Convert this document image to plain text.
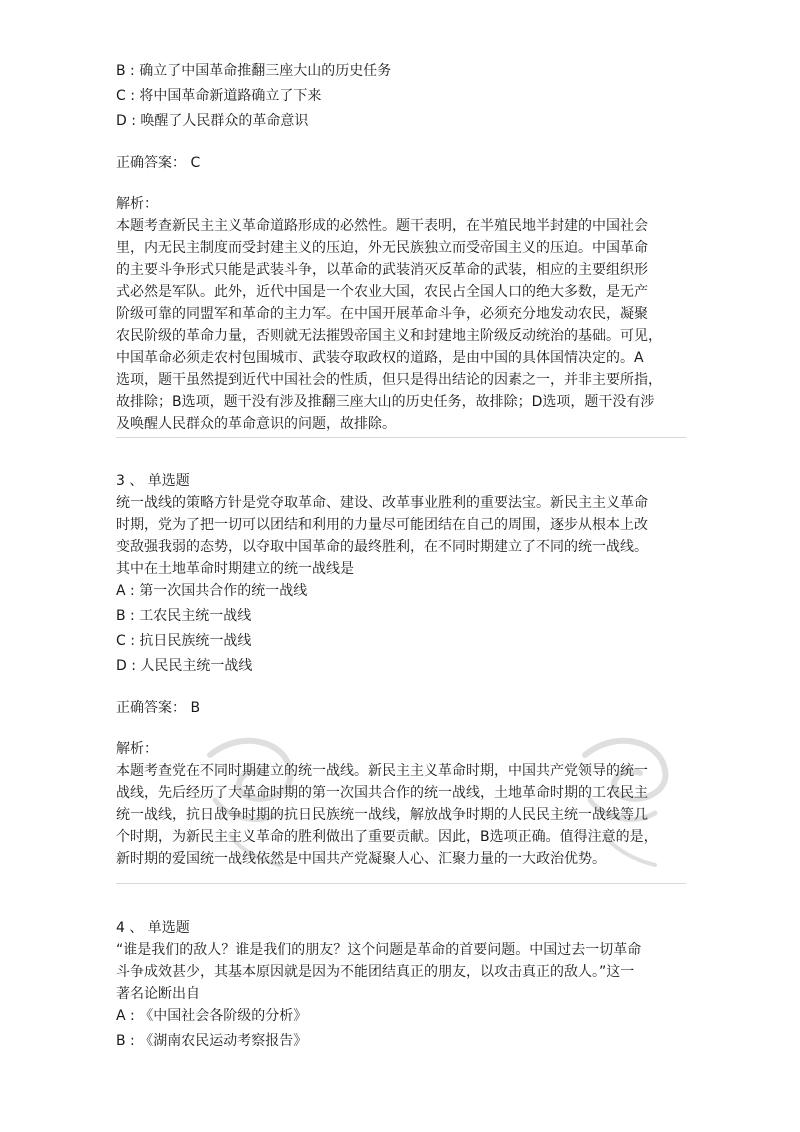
B : 确立了中国革命推翻三座大山的历史任务
C : 将中国革命新道路确立了下来
D : 唤醒了人民群众的革命意识
正确答案： C
解析：
本题考查新民主主义革命道路形成的必然性。题干表明，在半殖民地半封建的中国社会
里，内无民主制度而受封建主义的压迫，外无民族独立而受帝国主义的压迫。中国革命
的主要斗争形式只能是武装斗争，以革命的武装消灭反革命的武装，相应的主要组织形
式必然是军队。此外，近代中国是一个农业大国，农民占全国人口的绝大多数，是无产
阶级可靠的同盟军和革命的主力军。在中国开展革命斗争，必须充分地发动农民，凝聚
农民阶级的革命力量，否则就无法摧毁帝国主义和封建地主阶级反动统治的基础。可见，
中国革命必须走农村包围城市、武装夺取政权的道路，是由中国的具体国情决定的。A
选项，题干虽然提到近代中国社会的性质，但只是得出结论的因素之一，并非主要所指，
故排除；B选项，题干没有涉及推翻三座大山的历史任务，故排除；D选项，题干没有涉
及唤醒人民群众的革命意识的问题，故排除。
3 、 单选题
统一战线的策略方针是党夺取革命、建设、改革事业胜利的重要法宝。新民主主义革命
时期，党为了把一切可以团结和利用的力量尽可能团结在自己的周围，逐步从根本上改
变敌强我弱的态势，以夺取中国革命的最终胜利，在不同时期建立了不同的统一战线。
其中在土地革命时期建立的统一战线是
A : 第一次国共合作的统一战线
B : 工农民主统一战线
C : 抗日民族统一战线
D : 人民民主统一战线
正确答案： B
解析：
本题考查党在不同时期建立的统一战线。新民主主义革命时期，中国共产党领导的统一
战线，先后经历了大革命时期的第一次国共合作的统一战线，土地革命时期的工农民主
统一战线，抗日战争时期的抗日民族统一战线，解放战争时期的人民民主统一战线等几
个时期，为新民主主义革命的胜利做出了重要贡献。因此，B选项正确。值得注意的是，
新时期的爱国统一战线依然是中国共产党凝聚人心、汇聚力量的一大政治优势。
4 、 单选题
“谁是我们的敌人？谁是我们的朋友？这个问题是革命的首要问题。中国过去一切革命
斗争成效甚少，其基本原因就是因为不能团结真正的朋友，以攻击真正的敌人。”这一
著名论断出自
A : 《中国社会各阶级的分析》
B : 《湖南农民运动考察报告》
